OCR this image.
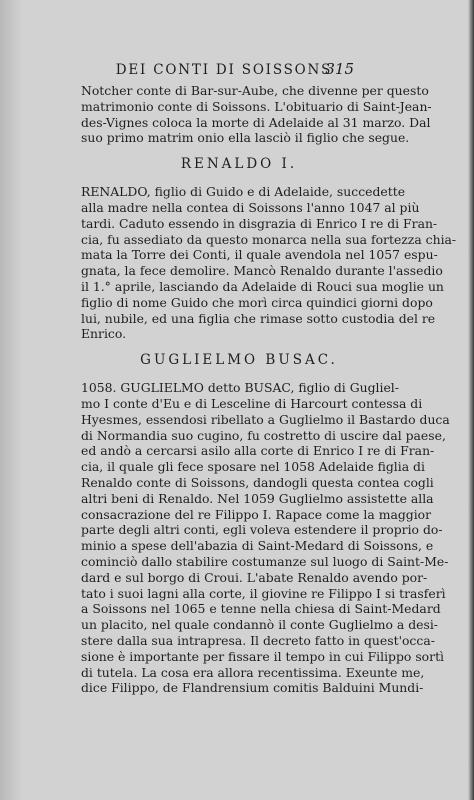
DEI CONTI DI SOISSONS
315
Notcher conte di Bar-sur-Aube, che divenne per questo
matrimonio conte di Soissons. L'obituario di Saint-Jean-
des-Vignes coloca la morte di Adelaide al 31 marzo. Dal
suo primo matrim onio ella lasciò il figlio che segue.
RENALDO I.
RENALDO, figlio di Guido e di Adelaide, succedette
alla madre nella contea di Soissons l'anno 1047 al più
tardi. Caduto essendo in disgrazia di Enrico I re di Fran-
cia, fu assediato da questo monarca nella sua fortezza chia-
mata la Torre dei Conti, il quale avendola nel 1057 espu-
gnata, la fece demolire. Mancò Renaldo durante l'assedio
il 1.° aprile, lasciando da Adelaide di Rouci sua moglie un
figlio di nome Guido che morì circa quindici giorni dopo
lui, nubile, ed una figlia che rimase sotto custodia del re
Enrico.
GUGLIELMO BUSAC.
1058. GUGLIELMO detto BUSAC, figlio di Gugliel-
mo I conte d'Eu e di Lesceline di Harcourt contessa di
Hyesmes, essendosi ribellato a Guglielmo il Bastardo duca
di Normandia suo cugino, fu costretto di uscire dal paese,
ed andò a cercarsi asilo alla corte di Enrico I re di Fran-
cia, il quale gli fece sposare nel 1058 Adelaide figlia di
Renaldo conte di Soissons, dandogli questa contea cogli
altri beni di Renaldo. Nel 1059 Guglielmo assistette alla
consacrazione del re Filippo I. Rapace come la maggior
parte degli altri conti, egli voleva estendere il proprio do-
minio a spese dell'abazia di Saint-Medard di Soissons, e
cominciò dallo stabilire costumanze sul luogo di Saint-Me-
dard e sul borgo di Croui. L'abate Renaldo avendo por-
tato i suoi lagni alla corte, il giovine re Filippo I si trasferì
a Soissons nel 1065 e tenne nella chiesa di Saint-Medard
un placito, nel quale condannò il conte Guglielmo a desi-
stere dalla sua intrapresa. Il decreto fatto in quest'occa-
sione è importante per fissare il tempo in cui Filippo sortì
di tutela. La cosa era allora recentissima. Exeunte me,
dice Filippo, de Flandrensium comitis Balduini Mundi-
